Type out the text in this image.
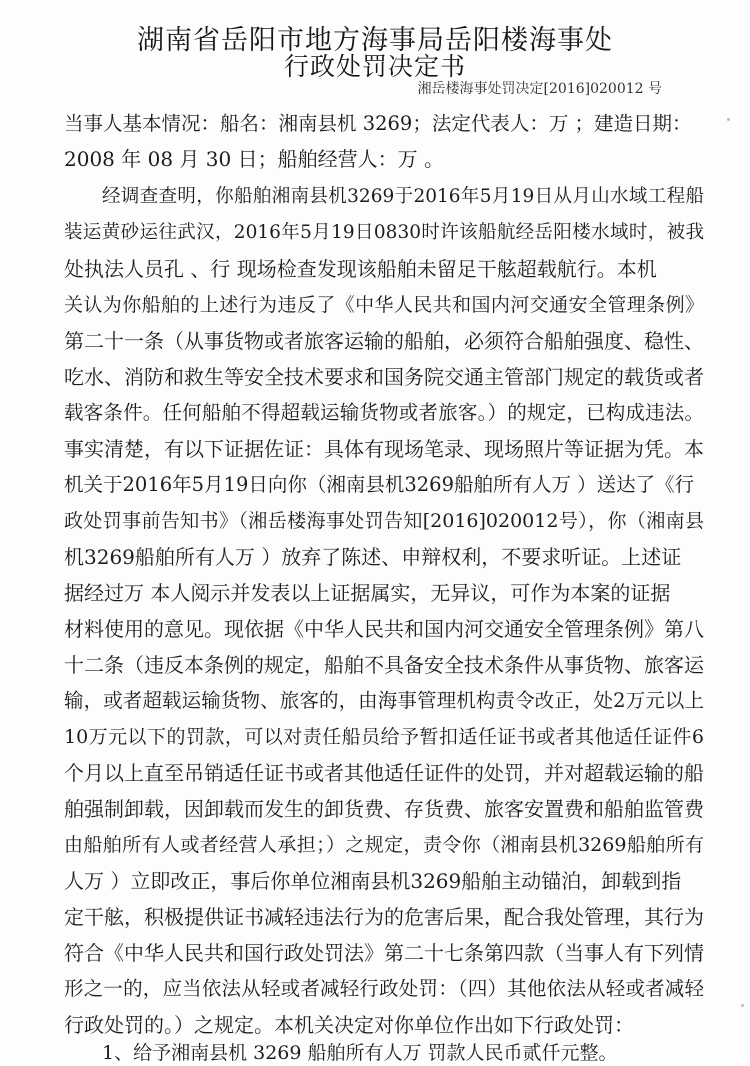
湖南省岳阳市地方海事局岳阳楼海事处
行政处罚决定书
湘岳楼海事处罚决定[2016]020012 号
当事人基本情况：船名：湘南县机 3269；法定代表人：万 ；建造日期：
2008 年 08 月 30 日；船舶经营人：万 。
经调查查明，你船舶湘南县机3269于2016年5月19日从月山水域工程船
装运黄砂运往武汉，2016年5月19日0830时许该船航经岳阳楼水域时，被我
处执法人员孔 、行 现场检查发现该船舶未留足干舷超载航行。本机
关认为你船舶的上述行为违反了《中华人民共和国内河交通安全管理条例》
第二十一条（从事货物或者旅客运输的船舶，必须符合船舶强度、稳性、
吃水、消防和救生等安全技术要求和国务院交通主管部门规定的载货或者
载客条件。任何船舶不得超载运输货物或者旅客。）的规定，已构成违法。
事实清楚，有以下证据佐证：具体有现场笔录、现场照片等证据为凭。本
机关于2016年5月19日向你（湘南县机3269船舶所有人万 ）送达了《行
政处罚事前告知书》（湘岳楼海事处罚告知[2016]020012号），你（湘南县
机3269船舶所有人万 ）放弃了陈述、申辩权利，不要求听证。上述证
据经过万 本人阅示并发表以上证据属实，无异议，可作为本案的证据
材料使用的意见。现依据《中华人民共和国内河交通安全管理条例》第八
十二条（违反本条例的规定，船舶不具备安全技术条件从事货物、旅客运
输，或者超载运输货物、旅客的，由海事管理机构责令改正，处2万元以上
10万元以下的罚款，可以对责任船员给予暂扣适任证书或者其他适任证件6
个月以上直至吊销适任证书或者其他适任证件的处罚，并对超载运输的船
舶强制卸载，因卸载而发生的卸货费、存货费、旅客安置费和船舶监管费
由船舶所有人或者经营人承担；）之规定，责令你（湘南县机3269船舶所有
人万 ）立即改正，事后你单位湘南县机3269船舶主动锚泊，卸载到指
定干舷，积极提供证书减轻违法行为的危害后果，配合我处管理，其行为
符合《中华人民共和国行政处罚法》第二十七条第四款（当事人有下列情
形之一的，应当依法从轻或者减轻行政处罚：（四）其他依法从轻或者减轻
行政处罚的。）之规定。本机关决定对你单位作出如下行政处罚：
1、给予湘南县机 3269 船舶所有人万 罚款人民币贰仟元整。
